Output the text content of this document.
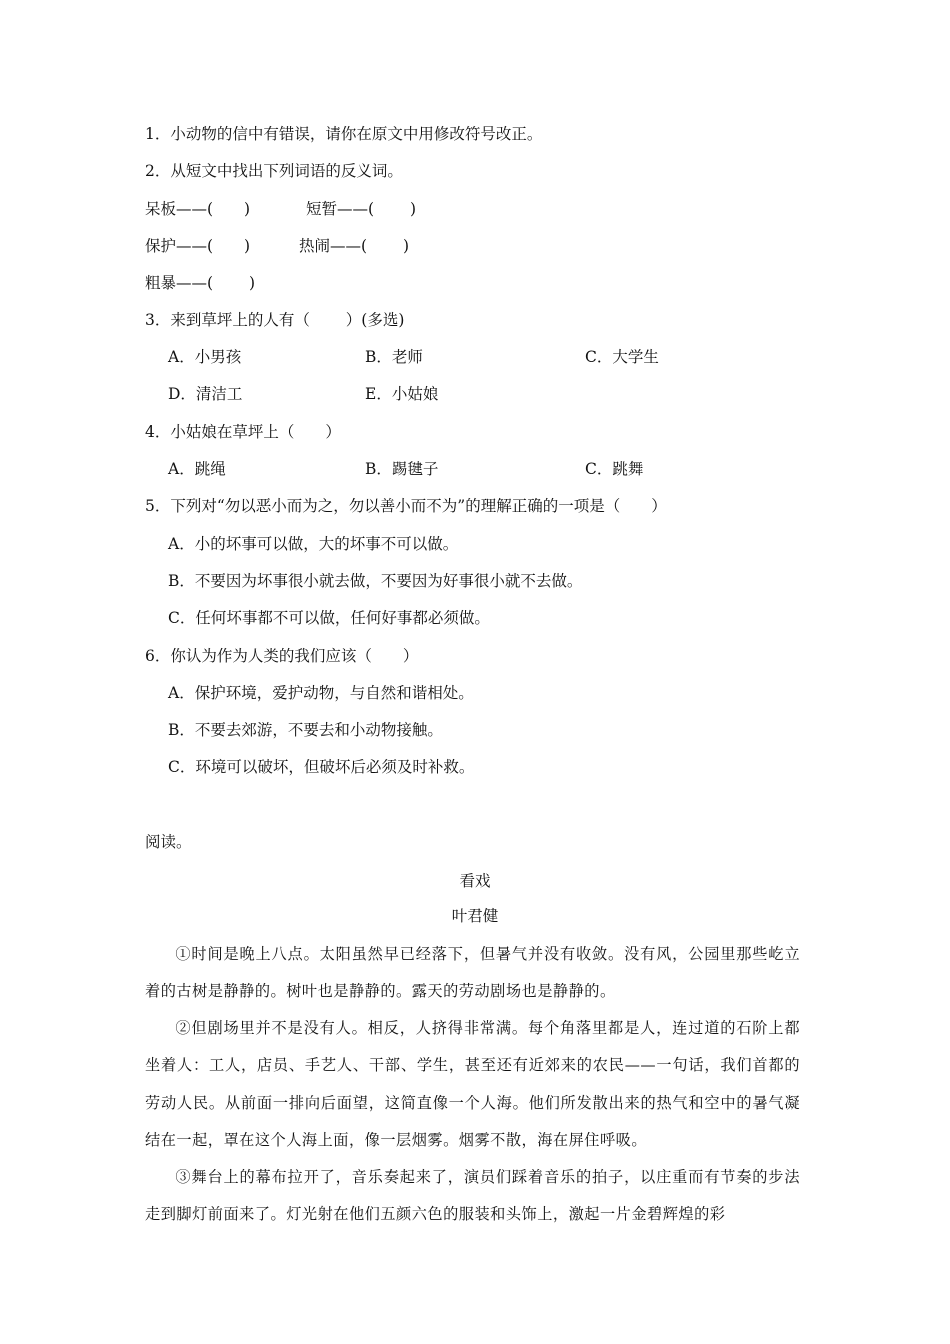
1．小动物的信中有错误，请你在原文中用修改符号改正。
2．从短文中找出下列词语的反义词。
呆板——(　　)	短暂——(　　 )
保护——(　　)	热闹——(　　 )
粗暴——(　　 )
3．来到草坪上的人有（　　 ）(多选)
A．小男孩	B．老师	C．大学生
D．清洁工	E．小姑娘
4．小姑娘在草坪上（　　）
A．跳绳	B．踢毽子	C．跳舞
5．下列对“勿以恶小而为之，勿以善小而不为”的理解正确的一项是（　　）
A．小的坏事可以做，大的坏事不可以做。
B．不要因为坏事很小就去做，不要因为好事很小就不去做。
C．任何坏事都不可以做，任何好事都必须做。
6．你认为作为人类的我们应该（　　）
A．保护环境，爱护动物，与自然和谐相处。
B．不要去郊游，不要去和小动物接触。
C．环境可以破坏，但破坏后必须及时补救。
阅读。
看戏
叶君健

①时间是晚上八点。太阳虽然早已经落下，但暑气并没有收敛。没有风，公园里那些屹立着的古树是静静的。树叶也是静静的。露天的劳动剧场也是静静的。

②但剧场里并不是没有人。相反，人挤得非常满。每个角落里都是人，连过道的石阶上都坐着人：工人，店员、手艺人、干部、学生，甚至还有近郊来的农民——一句话，我们首都的劳动人民。从前面一排向后面望，这简直像一个人海。他们所发散出来的热气和空中的暑气凝结在一起，罩在这个人海上面，像一层烟雾。烟雾不散，海在屏住呼吸。

③舞台上的幕布拉开了，音乐奏起来了，演员们踩着音乐的拍子，以庄重而有节奏的步法走到脚灯前面来了。灯光射在他们五颜六色的服装和头饰上，激起一片金碧辉煌的彩
